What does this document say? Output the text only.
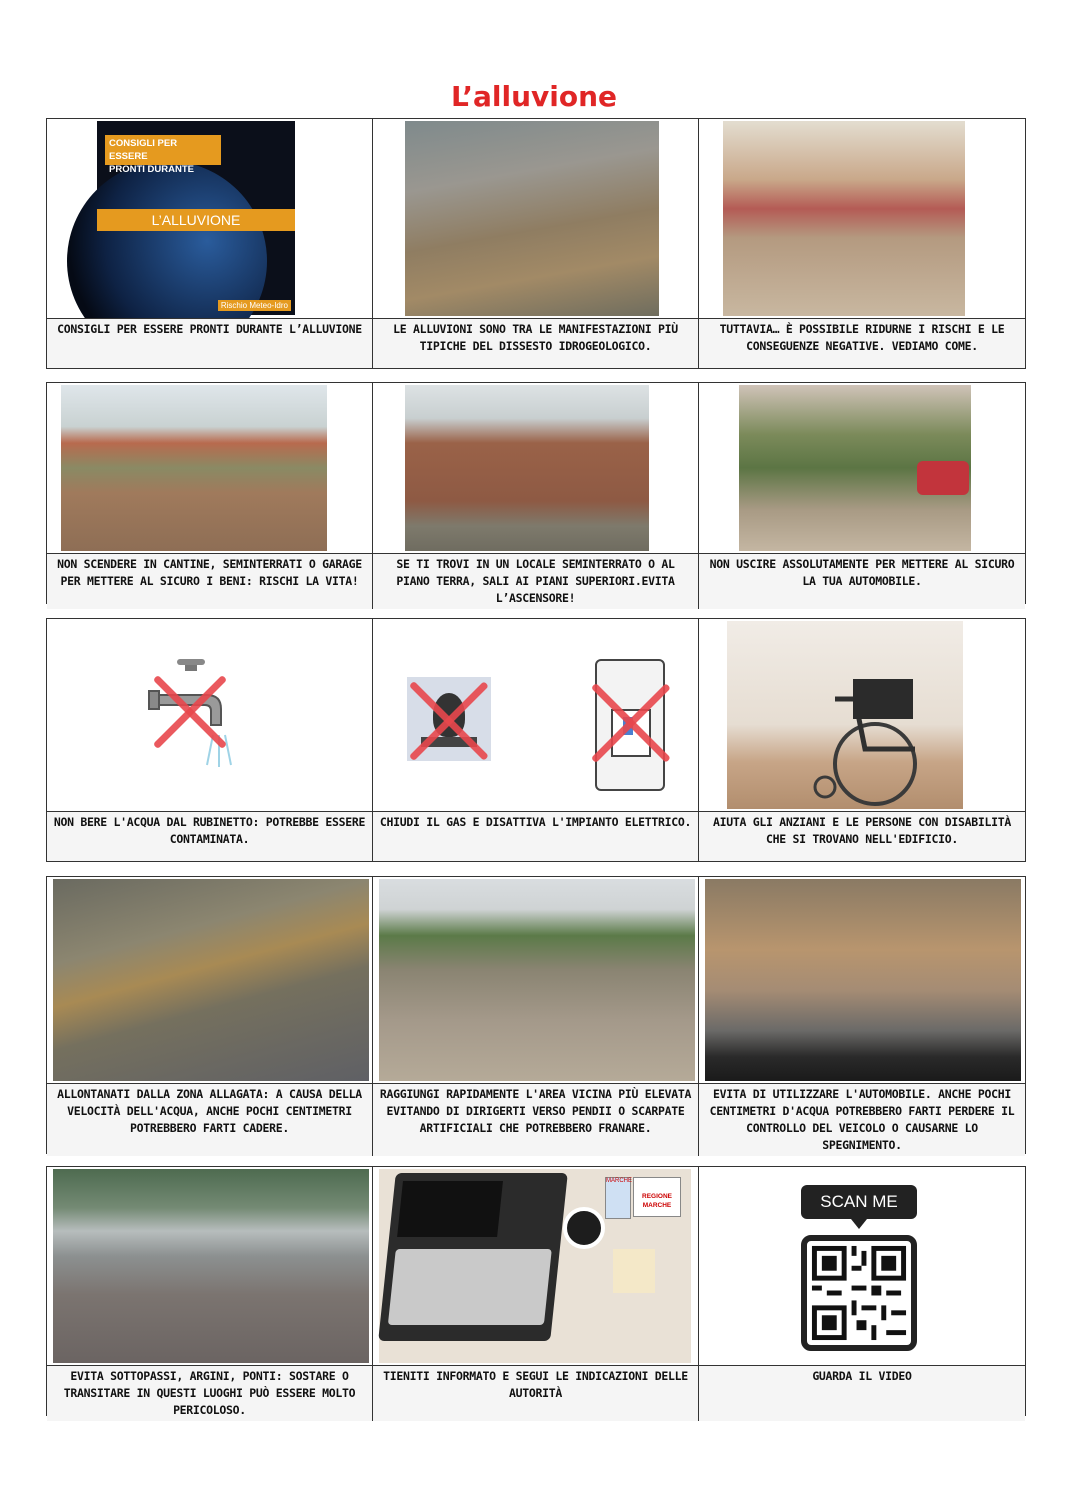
L’alluvione
CONSIGLI PER ESSERE
PRONTI DURANTE
L’ALLUVIONE
Rischio Meteo-Idro
CONSIGLI PER ESSERE PRONTI DURANTE L’ALLUVIONE	LE ALLUVIONI SONO TRA LE MANIFESTAZIONI PIÙ TIPICHE DEL DISSESTO IDROGEOLOGICO.
TUTTAVIA… È POSSIBILE RIDURNE I RISCHI E LE CONSEGUENZE NEGATIVE. VEDIAMO COME.
NON SCENDERE IN CANTINE, SEMINTERRATI O GARAGE PER METTERE AL SICURO I BENI: RISCHI LA VITA!
SE TI TROVI IN UN LOCALE SEMINTERRATO O AL PIANO TERRA, SALI AI PIANI SUPERIORI.EVITA L’ASCENSORE!
NON USCIRE ASSOLUTAMENTE PER METTERE AL SICURO LA TUA AUTOMOBILE.
NON BERE L'ACQUA DAL RUBINETTO: POTREBBE ESSERE CONTAMINATA.
CHIUDI IL GAS E DISATTIVA L'IMPIANTO ELETTRICO.	AIUTA GLI ANZIANI E LE PERSONE CON DISABILITÀ CHE SI TROVANO NELL'EDIFICIO.
ALLONTANATI DALLA ZONA ALLAGATA: A CAUSA DELLA VELOCITÀ DELL'ACQUA, ANCHE POCHI CENTIMETRI POTREBBERO FARTI CADERE.
RAGGIUNGI RAPIDAMENTE L'AREA VICINA PIÙ ELEVATA EVITANDO DI DIRIGERTI VERSO PENDII O SCARPATE ARTIFICIALI CHE POTREBBERO FRANARE.
EVITA DI UTILIZZARE L'AUTOMOBILE. ANCHE POCHI CENTIMETRI D'ACQUA POTREBBERO FARTI PERDERE IL CONTROLLO DEL VEICOLO O CAUSARNE LO SPEGNIMENTO.
EVITA SOTTOPASSI, ARGINI, PONTI: SOSTARE O TRANSITARE IN QUESTI LUOGHI PUÒ ESSERE MOLTO PERICOLOSO.
MARCHE
REGIONE MARCHE
TIENITI INFORMATO E SEGUI LE INDICAZIONI DELLE AUTORITÀ
SCAN ME
GUARDA IL VIDEO
